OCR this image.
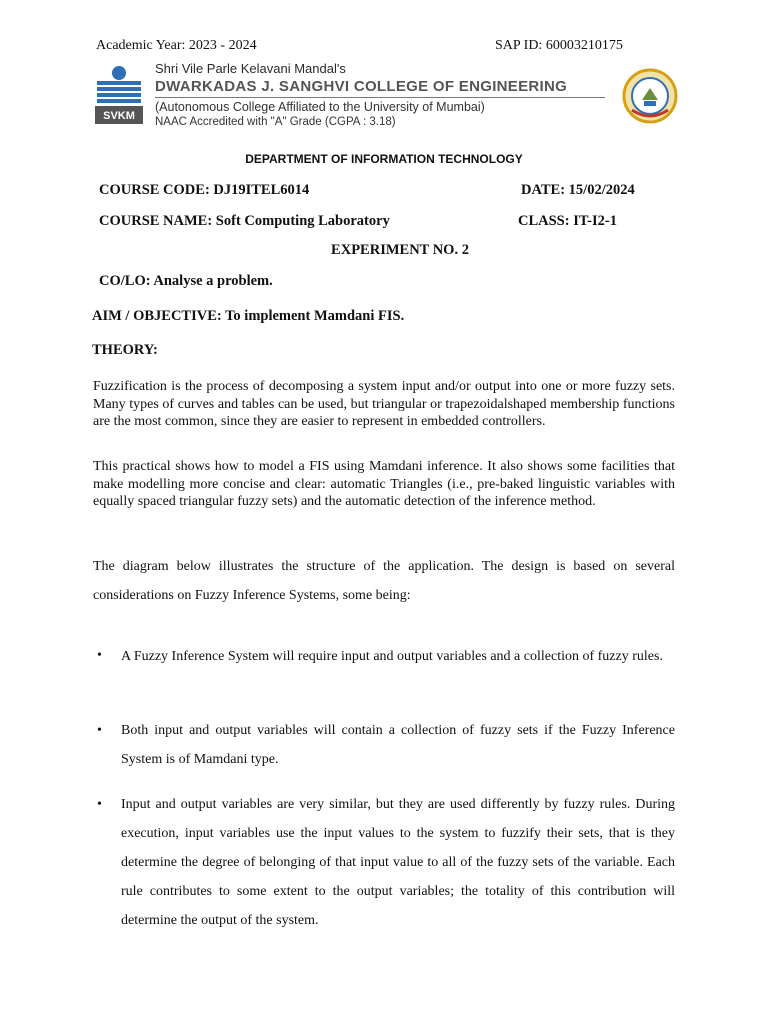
Academic Year: 2023 - 2024	SAP ID: 60003210175
SVKM
Shri Vile Parle Kelavani Mandal's
DWARKADAS J. SANGHVI COLLEGE OF ENGINEERING
(Autonomous College Affiliated to the University of Mumbai)
NAAC Accredited with "A" Grade (CGPA : 3.18)
DEPARTMENT OF INFORMATION TECHNOLOGY
COURSE CODE: DJ19ITEL6014	DATE: 15/02/2024
COURSE NAME: Soft Computing Laboratory	CLASS: IT-I2-1
EXPERIMENT NO. 2
CO/LO: Analyse a problem.
AIM / OBJECTIVE: To implement Mamdani FIS.
THEORY:
Fuzzification is the process of decomposing a system input and/or output into one or more fuzzy sets. Many types of curves and tables can be used, but triangular or trapezoidalshaped membership functions are the most common, since they are easier to represent in embedded controllers.
This practical shows how to model a FIS using Mamdani inference. It also shows some facilities that make modelling more concise and clear: automatic Triangles (i.e., pre-baked linguistic variables with equally spaced triangular fuzzy sets) and the automatic detection of the inference method.
The diagram below illustrates the structure of the application. The design is based on several considerations on Fuzzy Inference Systems, some being:
• A Fuzzy Inference System will require input and output variables and a collection of fuzzy rules.
• Both input and output variables will contain a collection of fuzzy sets if the Fuzzy Inference System is of Mamdani type.
• Input and output variables are very similar, but they are used differently by fuzzy rules. During execution, input variables use the input values to the system to fuzzify their sets, that is they determine the degree of belonging of that input value to all of the fuzzy sets of the variable. Each rule contributes to some extent to the output variables; the totality of this contribution will determine the output of the system.
